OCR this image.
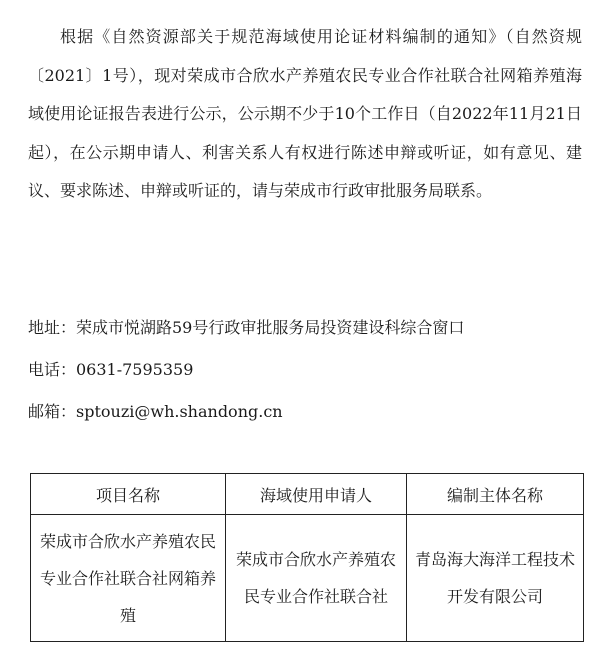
根据《自然资源部关于规范海域使用论证材料编制的通知》（自然资规〔2021〕1号），现对荣成市合欣水产养殖农民专业合作社联合社网箱养殖海域使用论证报告表进行公示，公示期不少于10个工作日（自2022年11月21日起），在公示期申请人、利害关系人有权进行陈述申辩或听证，如有意见、建议、要求陈述、申辩或听证的，请与荣成市行政审批服务局联系。

地址：荣成市悦湖路59号行政审批服务局投资建设科综合窗口

电话：0631-7595359

邮箱：sptouzi@wh.shandong.cn

项目名称	海域使用申请人	编制主体名称
荣成市合欣水产养殖农民专业合作社联合社网箱养殖	荣成市合欣水产养殖农民专业合作社联合社	青岛海大海洋工程技术开发有限公司
